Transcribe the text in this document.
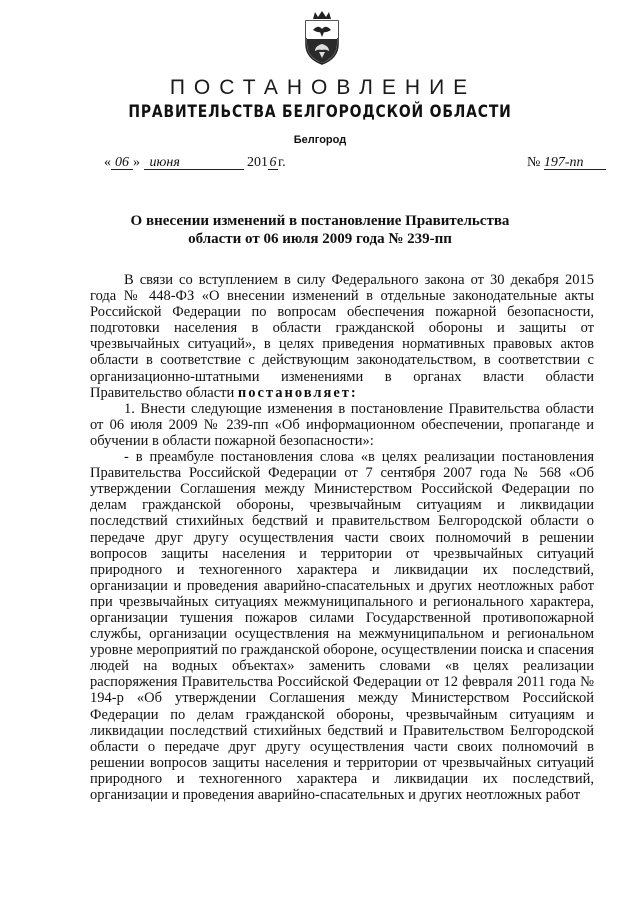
ПОСТАНОВЛЕНИЕ
ПРАВИТЕЛЬСТВА БЕЛГОРОДСКОЙ ОБЛАСТИ
Белгород
« 06 » июня	201 6 г.	№ 197-пп
О внесении изменений в постановление Правительства
области от 06 июля 2009 года № 239-пп

В связи со вступлением в силу Федерального закона от 30 декабря 2015 года № 448-ФЗ «О внесении изменений в отдельные законодательные акты Российской Федерации по вопросам обеспечения пожарной безопасности, подготовки населения в области гражданской обороны и защиты от чрезвычайных ситуаций», в целях приведения нормативных правовых актов области в соответствие с действующим законодательством, в соответствии с организационно-штатными изменениями в органах власти области Правительство области постановляет:

1. Внести следующие изменения в постановление Правительства области от 06 июля 2009 № 239-пп «Об информационном обеспечении, пропаганде и обучении в области пожарной безопасности»:

- в преамбуле постановления слова «в целях реализации постановления Правительства Российской Федерации от 7 сентября 2007 года № 568 «Об утверждении Соглашения между Министерством Российской Федерации по делам гражданской обороны, чрезвычайным ситуациям и ликвидации последствий стихийных бедствий и правительством Белгородской области о передаче друг другу осуществления части своих полномочий в решении вопросов защиты населения и территории от чрезвычайных ситуаций природного и техногенного характера и ликвидации их последствий, организации и проведения аварийно-спасательных и других неотложных работ при чрезвычайных ситуациях межмуниципального и регионального характера, организации тушения пожаров силами Государственной противопожарной службы, организации осуществления на межмуниципальном и региональном уровне мероприятий по гражданской обороне, осуществлении поиска и спасения людей на водных объектах» заменить словами «в целях реализации распоряжения Правительства Российской Федерации от 12 февраля 2011 года № 194-р «Об утверждении Соглашения между Министерством Российской Федерации по делам гражданской обороны, чрезвычайным ситуациям и ликвидации последствий стихийных бедствий и Правительством Белгородской области о передаче друг другу осуществления части своих полномочий в решении вопросов защиты населения и территории от чрезвычайных ситуаций природного и техногенного характера и ликвидации их последствий, организации и проведения аварийно-спасательных и других неотложных работ
